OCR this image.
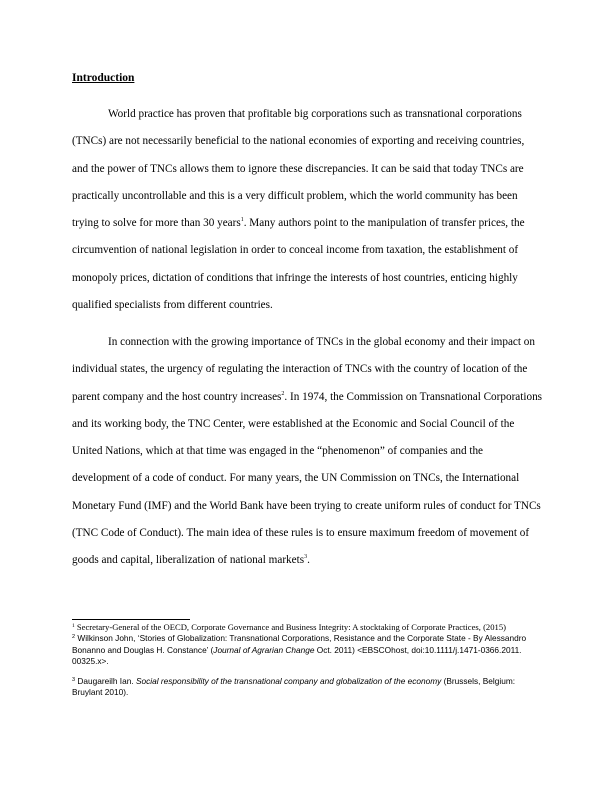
Introduction

World practice has proven that profitable big corporations such as transnational corporations (TNCs) are not necessarily beneficial to the national economies of exporting and receiving countries, and the power of TNCs allows them to ignore these discrepancies. It can be said that today TNCs are practically uncontrollable and this is a very difficult problem, which the world community has been trying to solve for more than 30 years$^1$. Many authors point to the manipulation of transfer prices, the circumvention of national legislation in order to conceal income from taxation, the establishment of monopoly prices, dictation of conditions that infringe the interests of host countries, enticing highly qualified specialists from different countries.

In connection with the growing importance of TNCs in the global economy and their impact on individual states, the urgency of regulating the interaction of TNCs with the country of location of the parent company and the host country increases$^2$. In 1974, the Commission on Transnational Corporations and its working body, the TNC Center, were established at the Economic and Social Council of the United Nations, which at that time was engaged in the “phenomenon” of companies and the development of a code of conduct. For many years, the UN Commission on TNCs, the International Monetary Fund (IMF) and the World Bank have been trying to create uniform rules of conduct for TNCs (TNC Code of Conduct). The main idea of these rules is to ensure maximum freedom of movement of goods and capital, liberalization of national markets$^3$.

$^1$ Secretary-General of the OECD, Corporate Governance and Business Integrity: A stocktaking of Corporate Practices, (2015)

$^2$ Wilkinson John, ‘Stories of Globalization: Transnational Corporations, Resistance and the Corporate State - By Alessandro Bonanno and Douglas H. Constance’ (Journal of Agrarian Change Oct. 2011) <EBSCOhost, doi:10.1111/j.1471-0366.2011. 00325.x>.

$^3$ Daugareilh Ian. Social responsibility of the transnational company and globalization of the economy (Brussels, Belgium: Bruylant 2010).
